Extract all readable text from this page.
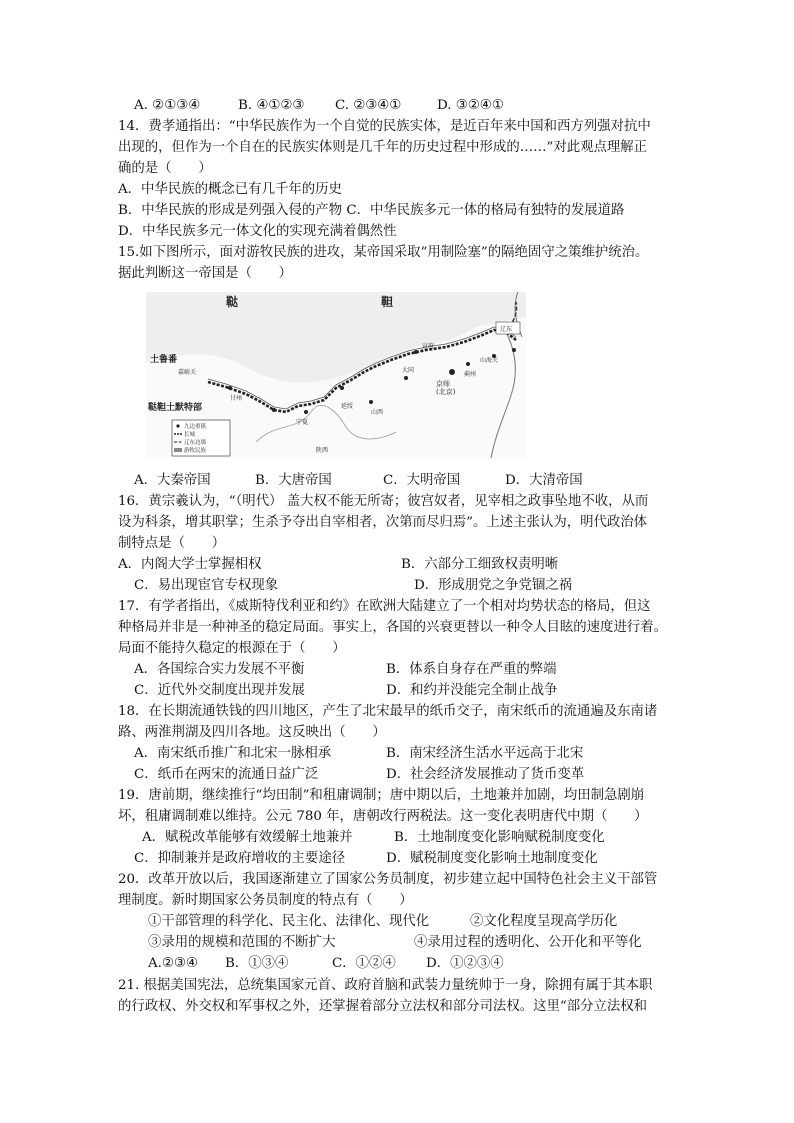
A. ②①③④	B. ④①②③ C. ②③④①	D. ③②④①
14．费孝通指出：“中华民族作为一个自觉的民族实体，是近百年来中国和西方列强对抗中
出现的，但作为一个自在的民族实体则是几千年的历史过程中形成的……”对此观点理解正
确的是（　　）
A．中华民族的概念已有几千年的历史
B．中华民族的形成是列强入侵的产物 C．中华民族多元一体的格局有独特的发展道路
D．中华民族多元一体文化的实现充满着偶然性
15.如下图所示，面对游牧民族的进攻，某帝国采取“用制险塞”的隔绝固守之策维护统治。
据此判断这一帝国是（　　）
鞑	靼
土鲁番
嘉峪关
鞑靼土默特部
甘州
宁夏
延绥
陕西
山西
宣府
大同
京师(北京)
蓟州
山海关
辽东
九边重镇
长城
辽东边墙
游牧民族
A．大秦帝国	B．大唐帝国	C．大明帝国	D．大清帝国
16．黄宗羲认为，“（明代） 盖大权不能无所寄；彼宫奴者，见宰相之政事坠地不收，从而
设为科条，增其职掌；生杀予夺出自宰相者，次第而尽归焉”。上述主张认为，明代政治体
制特点是（　　）
A．内阁大学士掌握相权	B．六部分工细致权责明晰
C．易出现宦官专权现象	D．形成朋党之争党锢之祸
17．有学者指出，《威斯特伐利亚和约》在欧洲大陆建立了一个相对均势状态的格局，但这
种格局并非是一种神圣的稳定局面。事实上，各国的兴衰更替以一种令人目眩的速度进行着。
局面不能持久稳定的根源在于（　　）
A．各国综合实力发展不平衡	B．体系自身存在严重的弊端
C．近代外交制度出现并发展	D．和约并没能完全制止战争
18．在长期流通铁钱的四川地区，产生了北宋最早的纸币交子，南宋纸币的流通遍及东南诸
路、两淮荆湖及四川各地。这反映出（　　）
A．南宋纸币推广和北宋一脉相承	B．南宋经济生活水平远高于北宋
C．纸币在两宋的流通日益广泛	D．社会经济发展推动了货币变革
19．唐前期，继续推行“均田制”和租庸调制；唐中期以后，土地兼并加剧，均田制急剧崩
坏，租庸调制难以维持。公元 780 年，唐朝改行两税法。这一变化表明唐代中期（　　）
A．赋税改革能够有效缓解土地兼并	B．土地制度变化影响赋税制度变化
C．抑制兼并是政府增收的主要途径	D．赋税制度变化影响土地制度变化
20．改革开放以后，我国逐渐建立了国家公务员制度，初步建立起中国特色社会主义干部管
理制度。新时期国家公务员制度的特点有（　　）
①干部管理的科学化、民主化、法律化、现代化	②文化程度呈现高学历化
③录用的规模和范围的不断扩大	④录用过程的透明化、公开化和平等化
A.②③④ B．①③④	C．①②④ D．①②③④
21. 根据美国宪法，总统集国家元首、政府首脑和武装力量统帅于一身，除拥有属于其本职
的行政权、外交权和军事权之外，还掌握着部分立法权和部分司法权。这里“部分立法权和
